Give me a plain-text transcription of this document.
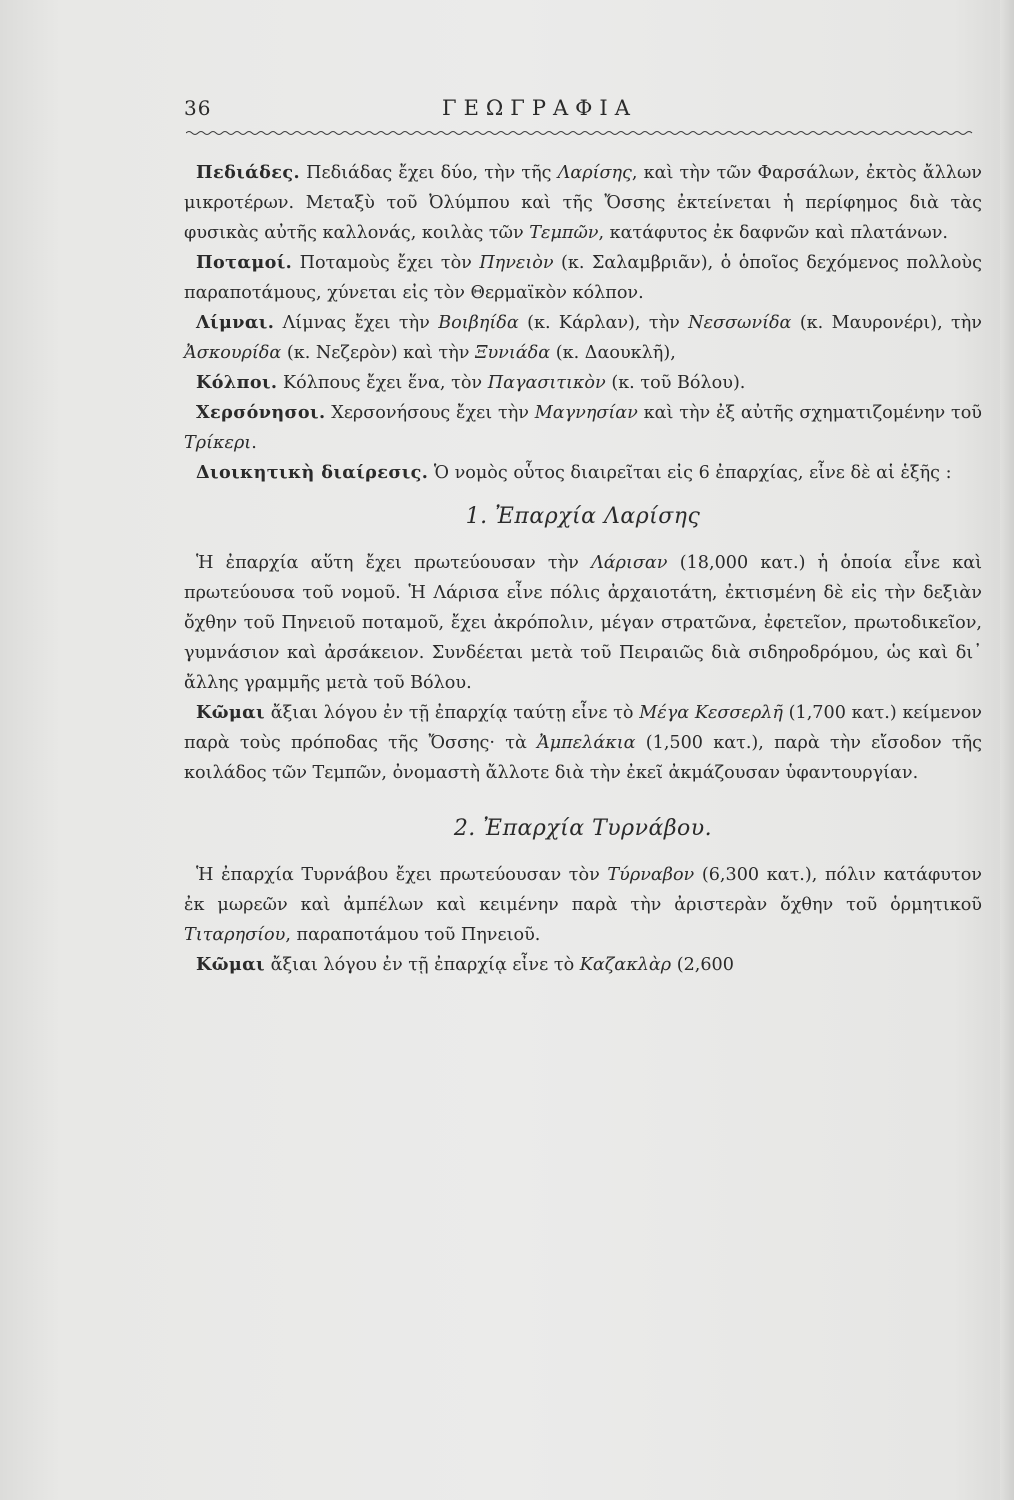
36	ΓΕΩΓΡΑΦΙΑ

Πεδιάδες. Πεδιάδας ἔχει δύο, τὴν τῆς Λαρίσης, καὶ τὴν τῶν Φαρσάλων, ἐκτὸς ἄλλων μικροτέρων. Μεταξὺ τοῦ Ὀλύμπου καὶ τῆς Ὄσσης ἐκτείνεται ἡ περίφημος διὰ τὰς φυσικὰς αὐτῆς καλλονάς, κοιλὰς τῶν Τεμπῶν, κατάφυτος ἐκ δαφνῶν καὶ πλατάνων.

Ποταμοί. Ποταμοὺς ἔχει τὸν Πηνειὸν (κ. Σαλαμβριᾶν), ὁ ὁποῖος δεχόμενος πολλοὺς παραποτάμους, χύνεται εἰς τὸν Θερμαϊκὸν κόλπον.

Λίμναι. Λίμνας ἔχει τὴν Βοιβηίδα (κ. Κάρλαν), τὴν Νεσσωνίδα (κ. Μαυρονέρι), τὴν Ἀσκουρίδα (κ. Νεζερὸν) καὶ τὴν Ξυνιάδα (κ. Δαουκλῆ),

Κόλποι. Κόλπους ἔχει ἕνα, τὸν Παγασιτικὸν (κ. τοῦ Βόλου).

Χερσόνησοι. Χερσονήσους ἔχει τὴν Μαγνησίαν καὶ τὴν ἐξ αὐτῆς σχηματιζομένην τοῦ Τρίκερι.

Διοικητικὴ διαίρεσις. Ὁ νομὸς οὗτος διαιρεῖται εἰς 6 ἐπαρχίας, εἶνε δὲ αἱ ἑξῆς :

1. Ἐπαρχία Λαρίσης

Ἡ ἐπαρχία αὕτη ἔχει πρωτεύουσαν τὴν Λάρισαν (18,000 κατ.) ἡ ὁποία εἶνε καὶ πρωτεύουσα τοῦ νομοῦ. Ἡ Λάρισα εἶνε πόλις ἀρχαιοτάτη, ἐκτισμένη δὲ εἰς τὴν δεξιὰν ὄχθην τοῦ Πηνειοῦ ποταμοῦ, ἔχει ἀκρόπολιν, μέγαν στρατῶνα, ἐφετεῖον, πρωτοδικεῖον, γυμνάσιον καὶ ἀρσάκειον. Συνδέεται μετὰ τοῦ Πειραιῶς διὰ σιδηροδρόμου, ὡς καὶ δι᾽ ἄλλης γραμμῆς μετὰ τοῦ Βόλου.

Κῶμαι ἄξιαι λόγου ἐν τῇ ἐπαρχίᾳ ταύτῃ εἶνε τὸ Μέγα Κεσσερλῆ (1,700 κατ.) κείμενον παρὰ τοὺς πρόποδας τῆς Ὄσσης· τὰ Ἀμπελάκια (1,500 κατ.), παρὰ τὴν εἴσοδον τῆς κοιλάδος τῶν Τεμπῶν, ὀνομαστὴ ἄλλοτε διὰ τὴν ἐκεῖ ἀκμάζουσαν ὑφαντουργίαν.

2. Ἐπαρχία Τυρνάβου.

Ἡ ἐπαρχία Τυρνάβου ἔχει πρωτεύουσαν τὸν Τύρναβον (6,300 κατ.), πόλιν κατάφυτον ἐκ μωρεῶν καὶ ἀμπέλων καὶ κειμένην παρὰ τὴν ἀριστερὰν ὄχθην τοῦ ὁρμητικοῦ Τιταρησίου, παραποτάμου τοῦ Πηνειοῦ.

Κῶμαι ἄξιαι λόγου ἐν τῇ ἐπαρχίᾳ εἶνε τὸ Καζακλὰρ (2,600
